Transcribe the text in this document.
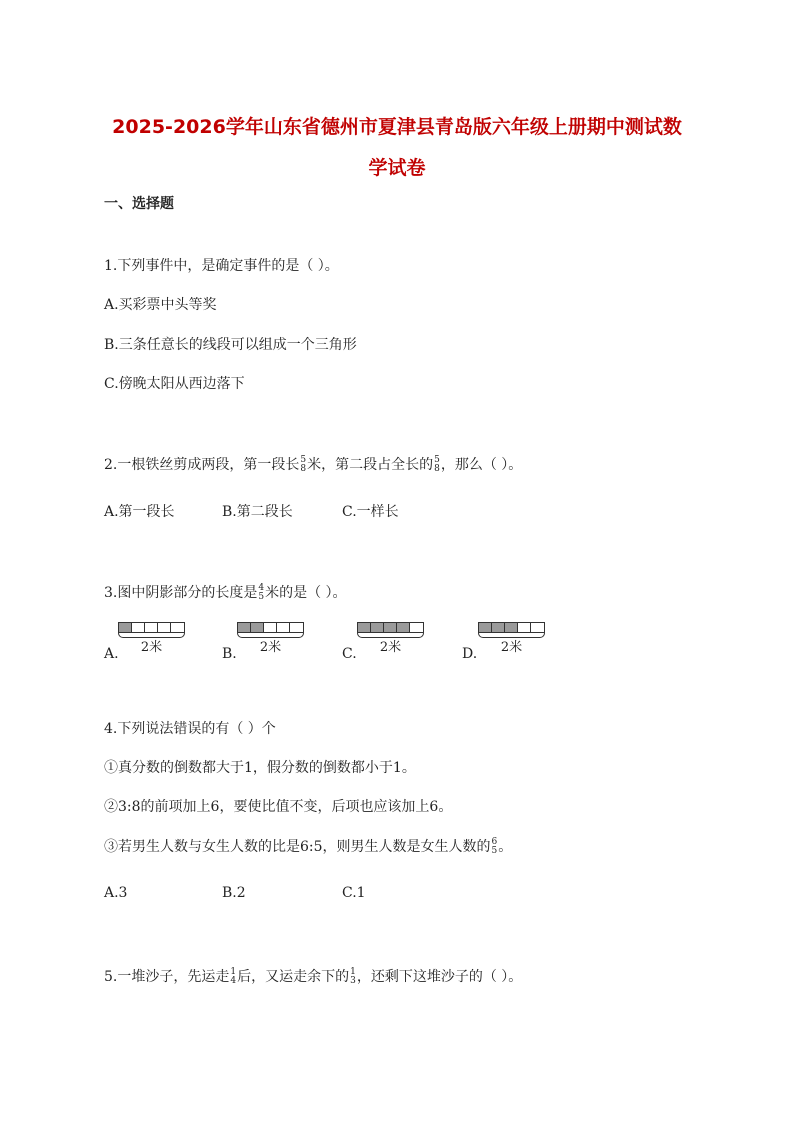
2025-2026学年山东省德州市夏津县青岛版六年级上册期中测试数
学试卷
一、选择题
1.下列事件中，是确定事件的是（ ）。
A.买彩票中头等奖
B.三条任意长的线段可以组成一个三角形
C.傍晚太阳从西边落下
2.一根铁丝剪成两段，第一段长 5
8 米，第二段占全长的 5
8 ，那么（ ）。
A.第一段长	B.第二段长	C.一样长
3.图中阴影部分的长度是 4
5 米的是（ ）。
2米
A.	2米
B.	2米
C.	2米
D.
4.下列说法错误的有（ ）个
①真分数的倒数都大于1，假分数的倒数都小于1。
②3:8的前项加上6，要使比值不变，后项也应该加上6。
③若男生人数与女生人数的比是6:5，则男生人数是女生人数的 6
5 。
A.3	B.2	C.1
5.一堆沙子，先运走 1
4 后，又运走余下的 1
3 ，还剩下这堆沙子的（ ）。
